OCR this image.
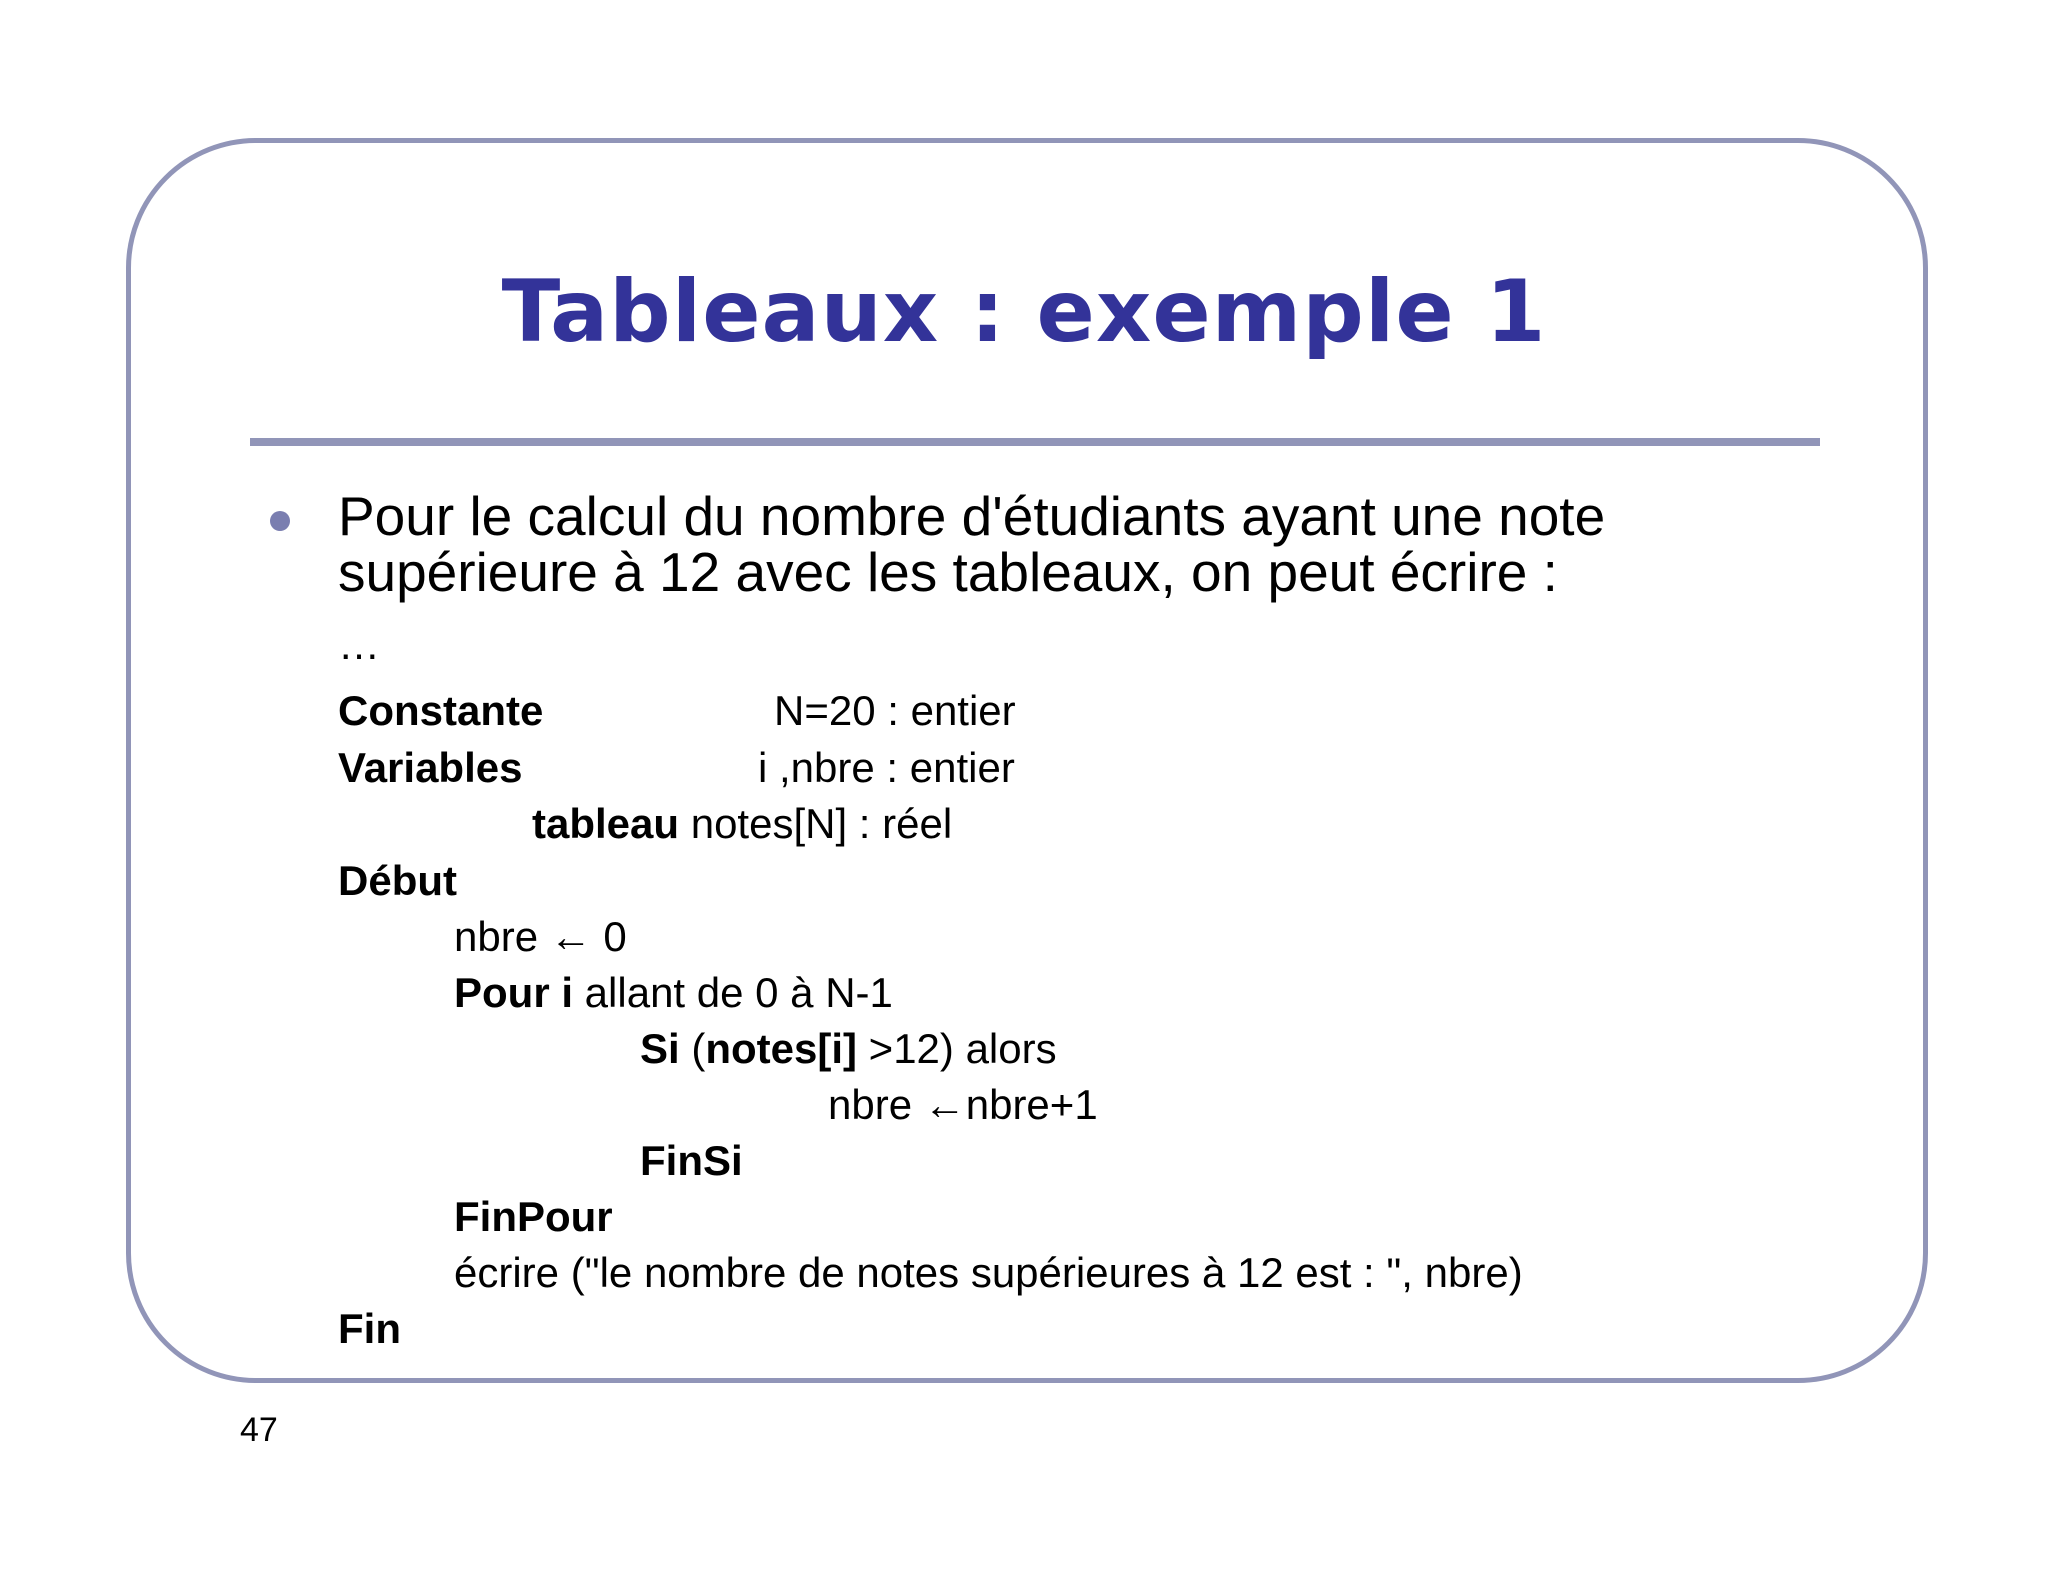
Tableaux : exemple 1
Pour le calcul du nombre d'étudiants ayant une note supérieure à 12 avec les tableaux, on peut écrire :
…
Constante	N=20 : entier
Variables	i ,nbre : entier
tableau notes[N] : réel
Début
nbre ← 0
Pour i allant de 0 à N-1
Si (notes[i] >12) alors
nbre ←nbre+1
FinSi
FinPour
écrire ("le nombre de notes supérieures à 12 est : ", nbre)
Fin
47
